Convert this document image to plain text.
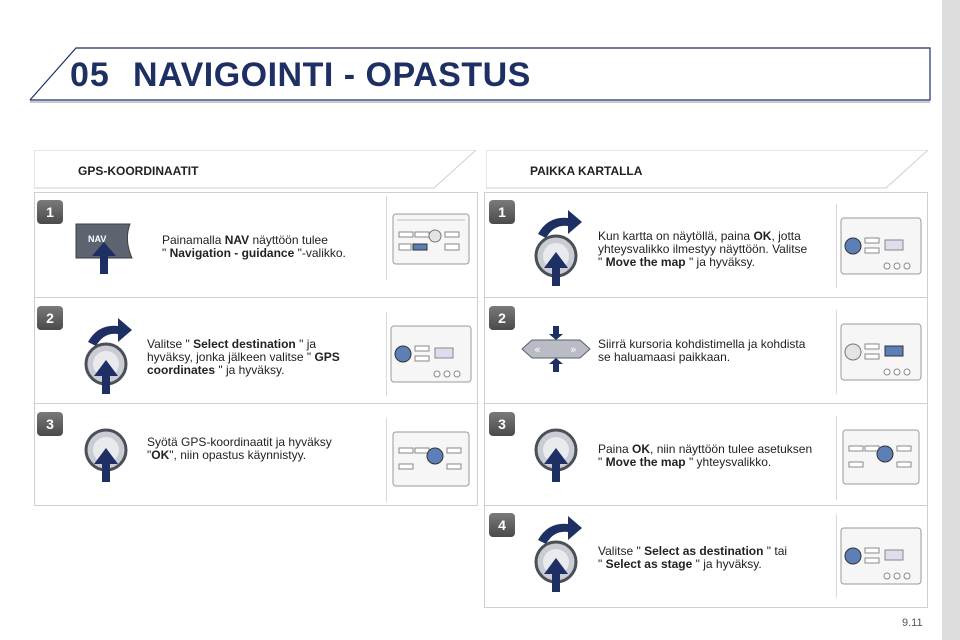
05 NAVIGOINTI - OPASTUS
GPS-KOORDINAATIT
1
NAV	Painamalla NAV näyttöön tulee
" Navigation - guidance "-valikko.
2
Valitse " Select destination " ja
hyväksy, jonka jälkeen valitse " GPS
coordinates " ja hyväksy.
3
Syötä GPS-koordinaatit ja hyväksy
"OK", niin opastus käynnistyy.
PAIKKA KARTALLA
1
Kun kartta on näytöllä, paina OK, jotta
yhteysvalikko ilmestyy näyttöön. Valitse
" Move the map " ja hyväksy.
2
«	» Siirrä kursoria kohdistimella ja kohdista
se haluamaasi paikkaan.
3
Paina OK, niin näyttöön tulee asetuksen
" Move the map " yhteysvalikko.
4
Valitse " Select as destination " tai
" Select as stage " ja hyväksy.
9.11
